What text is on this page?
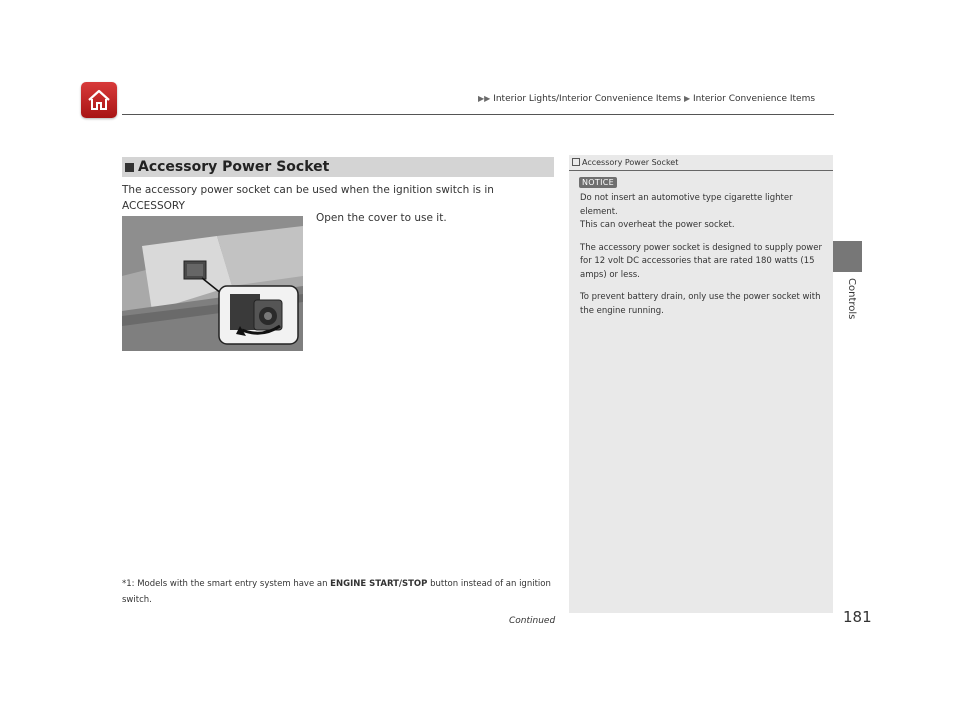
▶▶ Interior Lights/Interior Convenience Items ▶ Interior Convenience Items
Controls
Accessory Power Socket
The accessory power socket can be used when the ignition switch is in ACCESSORY

Open the cover to use it.
*1: Models with the smart entry system have an ENGINE START/STOP button instead of an ignition switch.
Accessory Power Socket
NOTICE

Do not insert an automotive type cigarette lighter element.
This can overheat the power socket.

The accessory power socket is designed to supply power for 12 volt DC accessories that are rated 180 watts (15 amps) or less.

To prevent battery drain, only use the power socket with the engine running.

Continued	181
